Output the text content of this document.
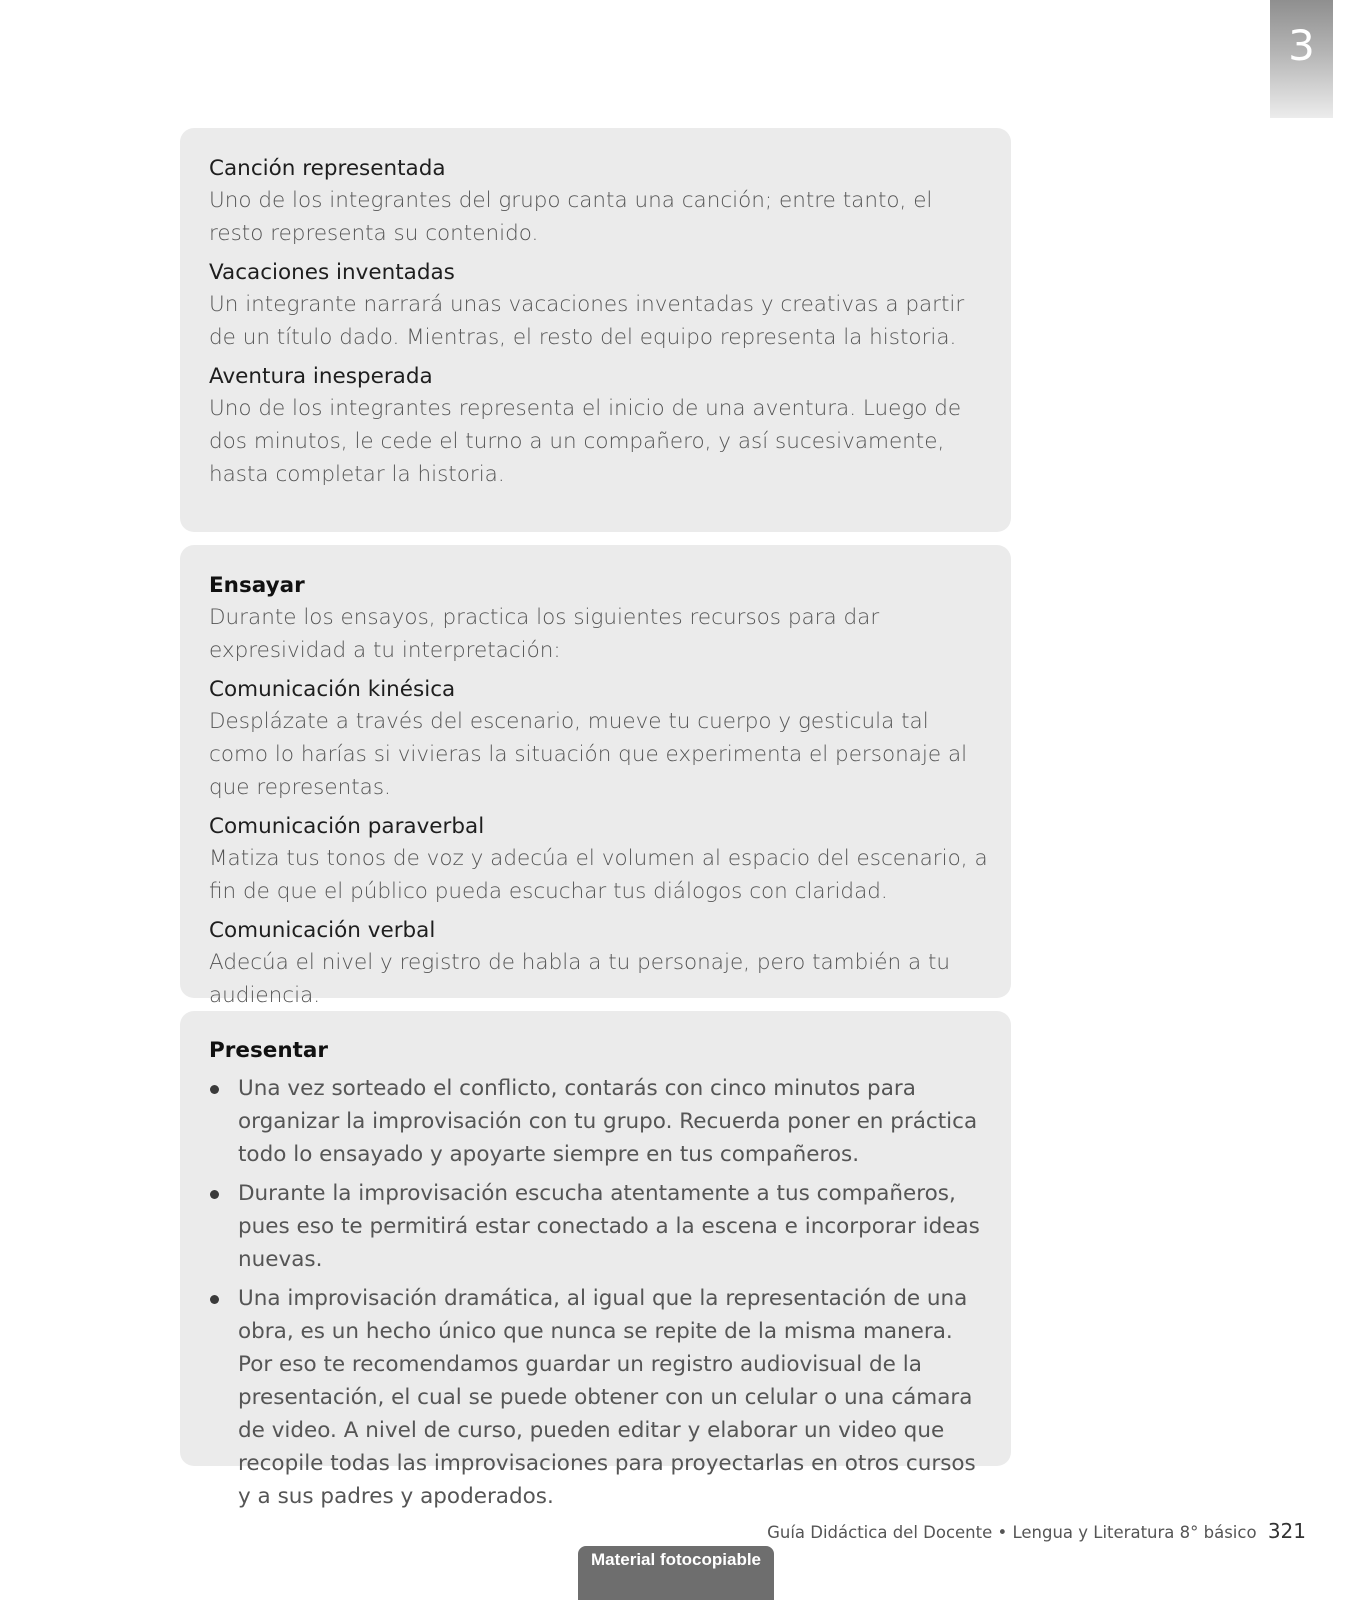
3
Canción representada
Uno de los integrantes del grupo canta una canción; entre tanto, el resto representa su contenido.
Vacaciones inventadas
Un integrante narrará unas vacaciones inventadas y creativas a partir de un título dado. Mientras, el resto del equipo representa la historia.
Aventura inesperada
Uno de los integrantes representa el inicio de una aventura. Luego de dos minutos, le cede el turno a un compañero, y así sucesivamente, hasta completar la historia.
Ensayar
Durante los ensayos, practica los siguientes recursos para dar expresividad a tu interpretación:
Comunicación kinésica
Desplázate a través del escenario, mueve tu cuerpo y gesticula tal como lo harías si vivieras la situación que experimenta el personaje al que representas.
Comunicación paraverbal
Matiza tus tonos de voz y adecúa el volumen al espacio del escenario, a fin de que el público pueda escuchar tus diálogos con claridad.
Comunicación verbal
Adecúa el nivel y registro de habla a tu personaje, pero también a tu audiencia.
Presentar
Una vez sorteado el conflicto, contarás con cinco minutos para organizar la improvisación con tu grupo. Recuerda poner en práctica todo lo ensayado y apoyarte siempre en tus compañeros.
Durante la improvisación escucha atentamente a tus compañeros, pues eso te permitirá estar conectado a la escena e incorporar ideas nuevas.
Una improvisación dramática, al igual que la representación de una obra, es un hecho único que nunca se repite de la misma manera. Por eso te recomendamos guardar un registro audiovisual de la presentación, el cual se puede obtener con un celular o una cámara de video. A nivel de curso, pueden editar y elaborar un video que recopile todas las improvisaciones para proyectarlas en otros cursos y a sus padres y apoderados.
Guía Didáctica del Docente • Lengua y Literatura 8° básico 321
Material fotocopiable
